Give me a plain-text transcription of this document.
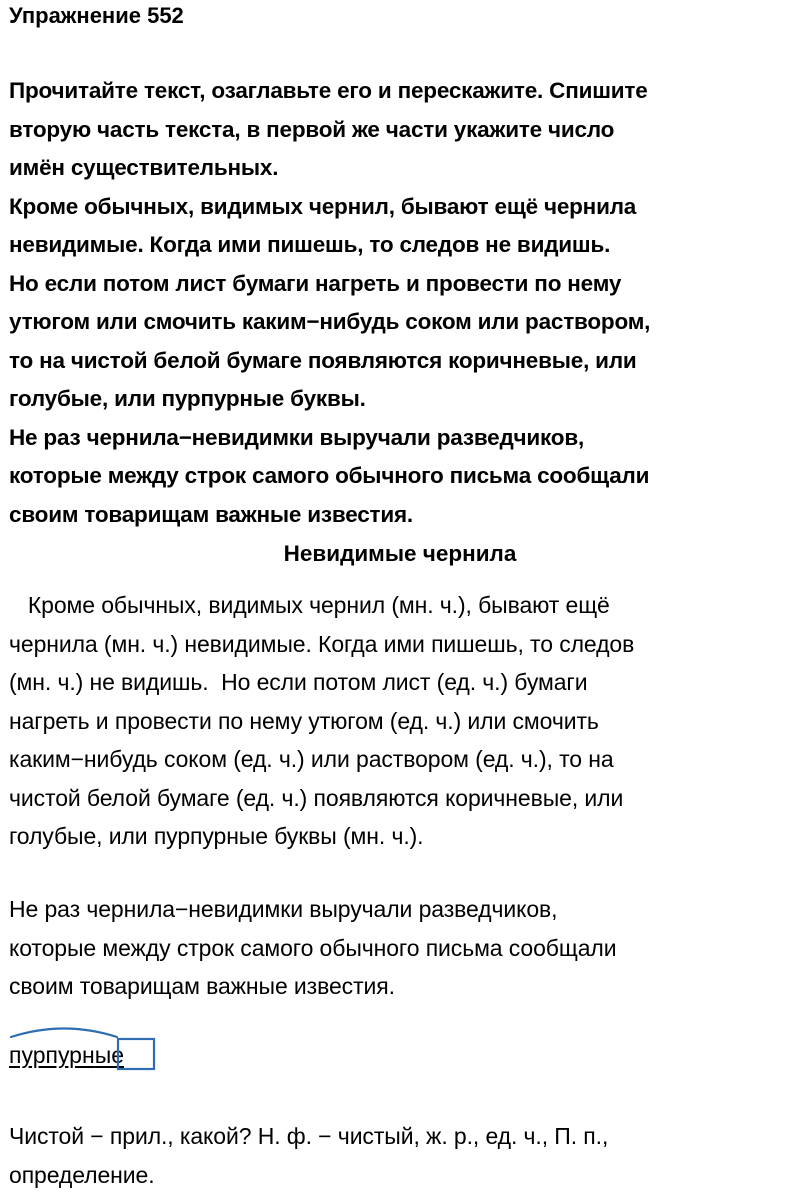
Упражнение 552

Прочитайте текст, озаглавьте его и перескажите. Спишите

вторую часть текста, в первой же части укажите число

имён существительных.

Кроме обычных, видимых чернил, бывают ещё чернила

невидимые. Когда ими пишешь, то следов не видишь.

Но если потом лист бумаги нагреть и провести по нему

утюгом или смочить каким−нибудь соком или раствором,

то на чистой белой бумаге появляются коричневые, или

голубые, или пурпурные буквы.

Не раз чернила−невидимки выручали разведчиков,

которые между строк самого обычного письма сообщали

своим товарищам важные известия.

Невидимые чернила

Кроме обычных, видимых чернил (мн. ч.), бывают ещё

чернила (мн. ч.) невидимые. Когда ими пишешь, то следов

(мн. ч.) не видишь.  Но если потом лист (ед. ч.) бумаги

нагреть и провести по нему утюгом (ед. ч.) или смочить

каким−нибудь соком (ед. ч.) или раствором (ед. ч.), то на

чистой белой бумаге (ед. ч.) появляются коричневые, или

голубые, или пурпурные буквы (мн. ч.).

Не раз чернила−невидимки выручали разведчиков,

которые между строк самого обычного письма сообщали

своим товарищам важные известия.

пурпурные

Чистой − прил., какой? Н. ф. − чистый, ж. р., ед. ч., П. п.,

определение.
